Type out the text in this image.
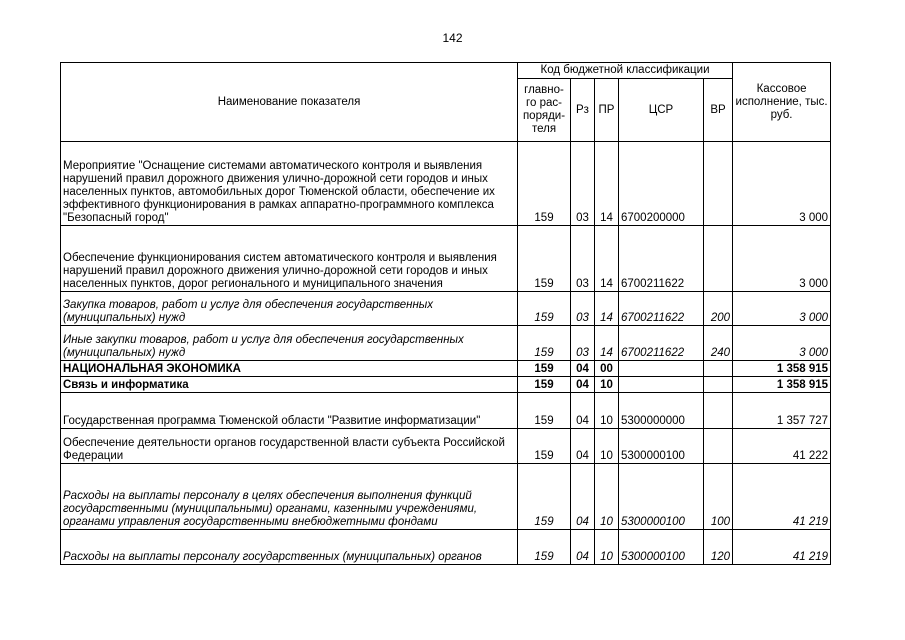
142
Наименование показателя	Код бюджетной классификации					Кассовое исполнение, тыс. руб.
	главно-го рас-поряди-теля	Рз	ПР	ЦСР	ВР	
Мероприятие "Оснащение системами автоматического контроля и выявления нарушений правил дорожного движения улично-дорожной сети городов и иных населенных пунктов, автомобильных дорог Тюменской области, обеспечение их эффективного функционирования в рамках аппаратно-программного комплекса "Безопасный город"	159	03	14	6700200000		3 000
Обеспечение функционирования систем автоматического контроля и выявления нарушений правил дорожного движения улично-дорожной сети городов и иных населенных пунктов, дорог регионального и муниципального значения	159	03	14	6700211622		3 000
Закупка товаров, работ и услуг для обеспечения государственных (муниципальных) нужд	159	03	14	6700211622	200	3 000
Иные закупки товаров, работ и услуг для обеспечения государственных (муниципальных) нужд	159	03	14	6700211622	240	3 000
НАЦИОНАЛЬНАЯ ЭКОНОМИКА	159	04	00			1 358 915
Связь и информатика	159	04	10			1 358 915
Государственная программа Тюменской области "Развитие информатизации"	159	04	10	5300000000		1 357 727
Обеспечение деятельности органов государственной власти субъекта Российской Федерации	159	04	10	5300000100		41 222
Расходы на выплаты персоналу в целях обеспечения выполнения функций государственными (муниципальными) органами, казенными учреждениями, органами управления государственными внебюджетными фондами	159	04	10	5300000100	100	41 219
Расходы на выплаты персоналу государственных (муниципальных) органов	159	04	10	5300000100	120	41 219
